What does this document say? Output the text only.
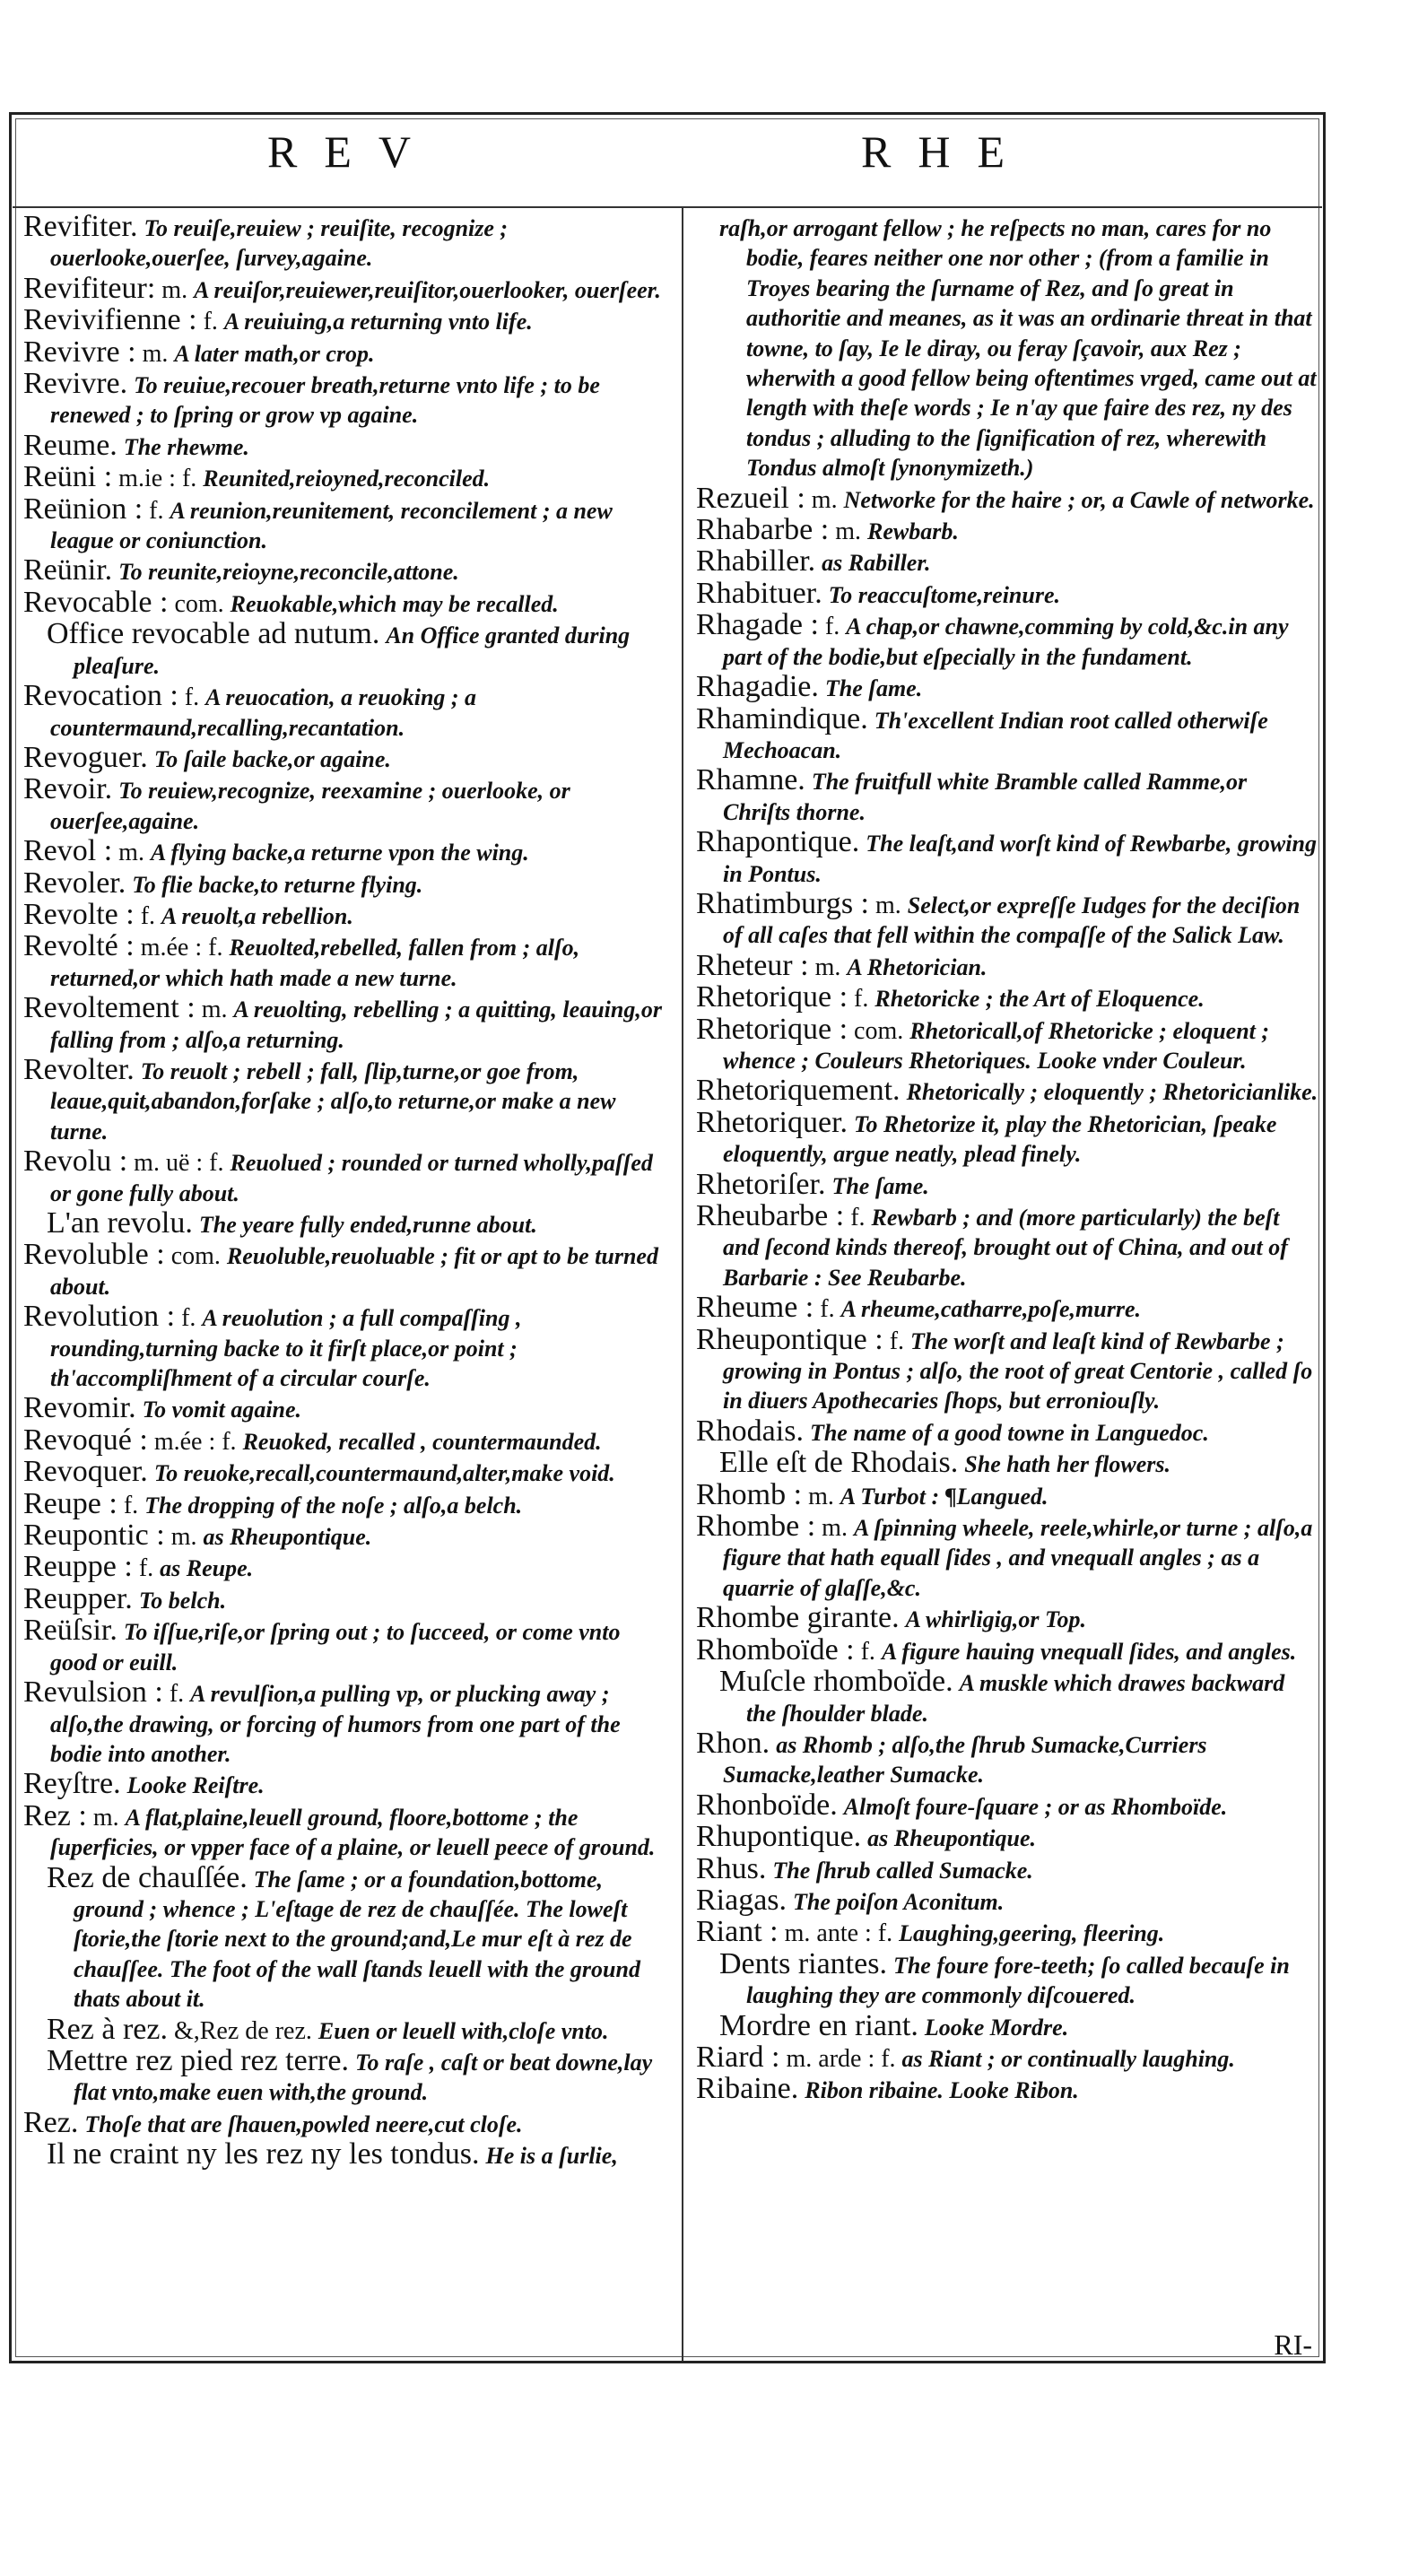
REV	RHE

Revifiter. To reuiſe,reuiew ; reuiſite, recognize ; ouerlooke,ouerſee, ſurvey,againe.

Revifiteur: m. A reuiſor,reuiewer,reuiſitor,ouerlooker, ouerſeer.

Revivifienne : f. A reuiuing,a returning vnto life.

Revivre : m. A later math,or crop.

Revivre. To reuiue,recouer breath,returne vnto life ; to be renewed ; to ſpring or grow vp againe.

Reume. The rhewme.

Reüni : m.ie : f. Reunited,reioyned,reconciled.

Reünion : f. A reunion,reunitement, reconcilement ; a new league or coniunction.

Reünir. To reunite,reioyne,reconcile,attone.

Revocable : com. Reuokable,which may be recalled.

Office revocable ad nutum. An Office granted during pleaſure.

Revocation : f. A reuocation, a reuoking ; a countermaund,recalling,recantation.

Revoguer. To ſaile backe,or againe.

Revoir. To reuiew,recognize, reexamine ; ouerlooke, or ouerſee,againe.

Revol : m. A flying backe,a returne vpon the wing.

Revoler. To flie backe,to returne flying.

Revolte : f. A reuolt,a rebellion.

Revolté : m.ée : f. Reuolted,rebelled, fallen from ; alſo, returned,or which hath made a new turne.

Revoltement : m. A reuolting, rebelling ; a quitting, leauing,or falling from ; alſo,a returning.

Revolter. To reuolt ; rebell ; fall, ſlip,turne,or goe from, leaue,quit,abandon,forſake ; alſo,to returne,or make a new turne.

Revolu : m. uë : f. Reuolued ; rounded or turned wholly,paſſed or gone fully about.

L'an revolu. The yeare fully ended,runne about.

Revoluble : com. Reuoluble,reuoluable ; fit or apt to be turned about.

Revolution : f. A reuolution ; a full compaſſing , rounding,turning backe to it firſt place,or point ; th'accompliſhment of a circular courſe.

Revomir. To vomit againe.

Revoqué : m.ée : f. Reuoked, recalled , countermaunded.

Revoquer. To reuoke,recall,countermaund,alter,make void.

Reupe : f. The dropping of the noſe ; alſo,a belch.

Reupontic : m. as Rheupontique.

Reuppe : f. as Reupe.

Reupper. To belch.

Reüſsir. To iſſue,riſe,or ſpring out ; to ſucceed, or come vnto good or euill.

Revulsion : f. A revulſion,a pulling vp, or plucking away ; alſo,the drawing, or forcing of humors from one part of the bodie into another.

Reyſtre. Looke Reiſtre.

Rez : m. A flat,plaine,leuell ground, floore,bottome ; the ſuperficies, or vpper face of a plaine, or leuell peece of ground.

Rez de chauſſée. The ſame ; or a foundation,bottome, ground ; whence ; L'eſtage de rez de chauſſée. The loweſt ſtorie,the ſtorie next to the ground;and,Le mur eſt à rez de chauſſee. The foot of the wall ſtands leuell with the ground thats about it.

Rez à rez. &,Rez de rez. Euen or leuell with,cloſe vnto.

Mettre rez pied rez terre. To raſe , caſt or beat downe,lay flat vnto,make euen with,the ground.

Rez. Thoſe that are ſhauen,powled neere,cut cloſe.

Il ne craint ny les rez ny les tondus. He is a ſurlie,

raſh,or arrogant fellow ; he reſpects no man, cares for no bodie, feares neither one nor other ; (from a familie in Troyes bearing the ſurname of Rez, and ſo great in authoritie and meanes, as it was an ordinarie threat in that towne, to ſay, Ie le diray, ou feray ſçavoir, aux Rez ; wherwith a good fellow being oftentimes vrged, came out at length with theſe words ; Ie n'ay que faire des rez, ny des tondus ; alluding to the ſignification of rez, wherewith Tondus almoſt ſynonymizeth.)

Rezueil : m. Networke for the haire ; or, a Cawle of networke.

Rhabarbe : m. Rewbarb.

Rhabiller. as Rabiller.

Rhabituer. To reaccuſtome,reinure.

Rhagade : f. A chap,or chawne,comming by cold,&c.in any part of the bodie,but eſpecially in the fundament.

Rhagadie. The ſame.

Rhamindique. Th'excellent Indian root called otherwiſe Mechoacan.

Rhamne. The fruitfull white Bramble called Ramme,or Chriſts thorne.

Rhapontique. The leaſt,and worſt kind of Rewbarbe, growing in Pontus.

Rhatimburgs : m. Select,or expreſſe Iudges for the deciſion of all caſes that fell within the compaſſe of the Salick Law.

Rheteur : m. A Rhetorician.

Rhetorique : f. Rhetoricke ; the Art of Eloquence.

Rhetorique : com. Rhetoricall,of Rhetoricke ; eloquent ; whence ; Couleurs Rhetoriques. Looke vnder Couleur.

Rhetoriquement. Rhetorically ; eloquently ; Rhetoricianlike.

Rhetoriquer. To Rhetorize it, play the Rhetorician, ſpeake eloquently, argue neatly, plead finely.

Rhetoriſer. The ſame.

Rheubarbe : f. Rewbarb ; and (more particularly) the beſt and ſecond kinds thereof, brought out of China, and out of Barbarie : See Reubarbe.

Rheume : f. A rheume,catharre,poſe,murre.

Rheupontique : f. The worſt and leaſt kind of Rewbarbe ; growing in Pontus ; alſo, the root of great Centorie , called ſo in diuers Apothecaries ſhops, but erroniouſly.

Rhodais. The name of a good towne in Languedoc.

Elle eſt de Rhodais. She hath her flowers.

Rhomb : m. A Turbot : ¶Langued.

Rhombe : m. A ſpinning wheele, reele,whirle,or turne ; alſo,a figure that hath equall ſides , and vnequall angles ; as a quarrie of glaſſe,&c.

Rhombe girante. A whirligig,or Top.

Rhomboïde : f. A figure hauing vnequall ſides, and angles.

Muſcle rhomboïde. A muskle which drawes backward the ſhoulder blade.

Rhon. as Rhomb ; alſo,the ſhrub Sumacke,Curriers Sumacke,leather Sumacke.

Rhonboïde. Almoſt foure-ſquare ; or as Rhomboïde.

Rhupontique. as Rheupontique.

Rhus. The ſhrub called Sumacke.

Riagas. The poiſon Aconitum.

Riant : m. ante : f. Laughing,geering, fleering.

Dents riantes. The foure fore-teeth; ſo called becauſe in laughing they are commonly diſcouered.

Mordre en riant. Looke Mordre.

Riard : m. arde : f. as Riant ; or continually laughing.

Ribaine. Ribon ribaine. Looke Ribon.

RI-
